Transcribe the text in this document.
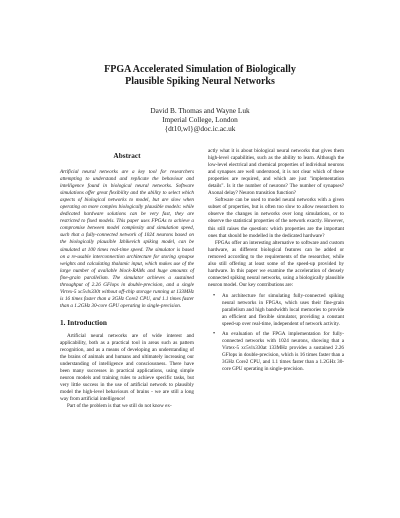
FPGA Accelerated Simulation of Biologically
Plausible Spiking Neural Networks

David B. Thomas and Wayne Luk
Imperial College, London
{dt10,wl}@doc.ic.ac.uk
Abstract

Artificial neural networks are a key tool for researchers attempting to understand and replicate the behaviour and intelligence found in biological neural networks. Software simulations offer great flexibility and the ability to select which aspects of biological networks to model, but are slow when operating on more complex biologically plausible models: while dedicated hardware solutions can be very fast, they are restricted to fixed models. This paper uses FPGAs to achieve a compromise between model complexity and simulation speed, such that a fully-connected network of 1024 neurons based on the biologically plausible Izhikevich spiking model, can be simulated at 100 times real-time speed. The simulator is based on a re-usable interconnection architecture for storing synapse weights and calculating thalamic input, which makes use of the large number of available block-RAMs and huge amounts of fine-grain parallelism. The simulator achieves a sustained throughput of 2.26 GFlops in double-precision, and a single Virtex-5 xc5vlx330t without off-chip storage running at 133MHz is 16 times faster than a 3GHz Core2 CPU, and 1.1 times faster than a 1.2GHz 30-core GPU operating in single-precision.

1. Introduction

Artificial neural networks are of wide interest and applicability, both as a practical tool in areas such as pattern recognition, and as a means of developing an understanding of the brains of animals and humans and ultimately increasing our understanding of intelligence and consciousness. There have been many successes in practical applications, using simple neuron models and training rules to achieve specific tasks, but very little success in the use of artificial network to plausibly model the high-level behaviours of brains - we are still a long way from artificial intelligence!

Part of the problem is that we still do not know ex-

actly what it is about biological neural networks that gives them high-level capabilities, such as the ability to learn. Although the low-level electrical and chemical properties of individual neurons and synapses are well understood, it is not clear which of these properties are required, and which are just "implementation details". Is it the number of neurons? The number of synapses? Axonal delay? Neuron transition function?

Software can be used to model neural networks with a given subset of properties, but is often too slow to allow researchers to observe the changes in networks over long simulations, or to observe the statistical properties of the network exactly. However, this still raises the question: which properties are the important ones that should be modelled in the dedicated hardware?

FPGAs offer an interesting alternative to software and custom hardware, as different biological features can be added or removed according to the requirements of the researcher, while also still offering at least some of the speed-up provided by hardware. In this paper we examine the acceleration of densely connected spiking neural networks, using a biologically plausible neuron model. Our key contributions are:

• An architecture for simulating fully-connected spiking neural networks in FPGAs, which uses their fine-grain parallelism and high bandwidth local memories to provide an efficient and flexible simulator, providing a constant speed-up over real-time, independent of network activity.
• An evaluation of the FPGA implementation for fully-connected networks with 1024 neurons, showing that a Virtex-5 xc5vlx330at 133MHz provides a sustained 2.26 GFlops in double-precision, which is 16 times faster than a 3GHz Core2 CPU, and 1.1 times faster than a 1.2GHz 30-core GPU operating in single-precision.
